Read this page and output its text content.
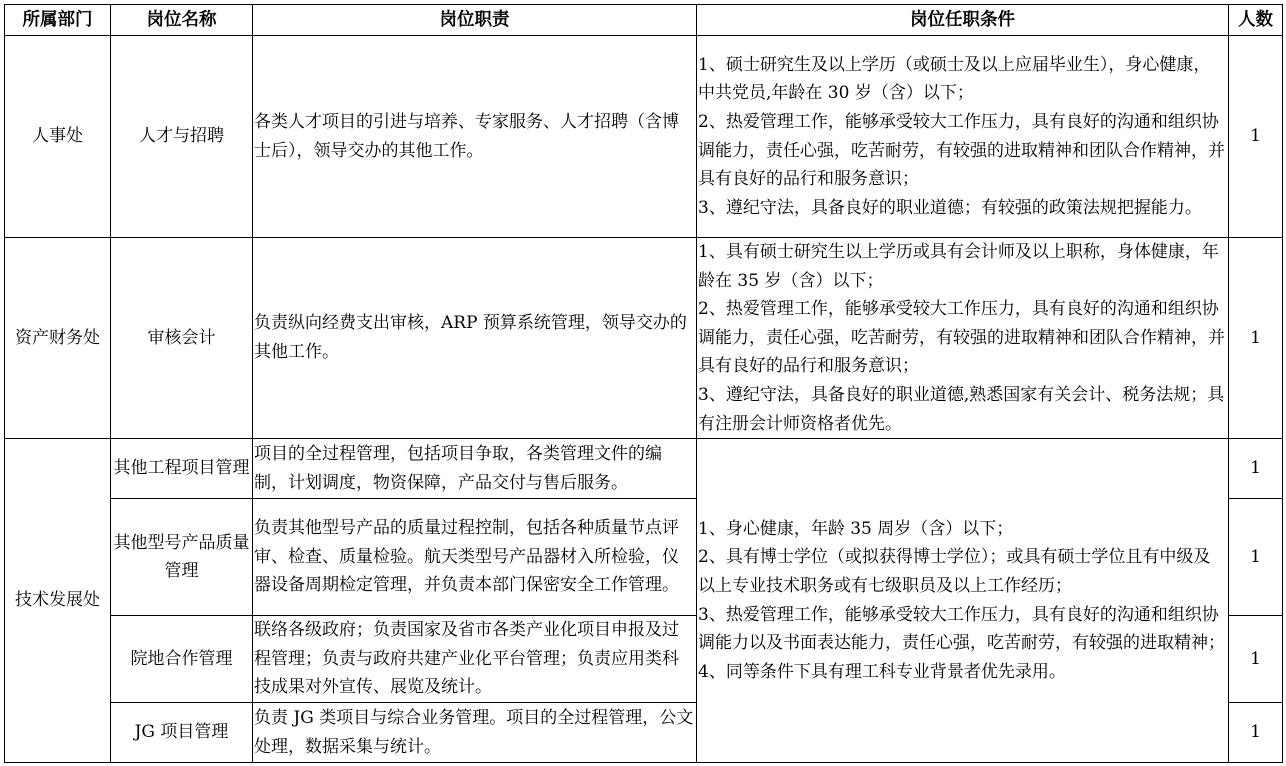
所属部门	岗位名称	岗位职责	岗位任职条件	人数
人事处	人才与招聘	各类人才项目的引进与培养、专家服务、人才招聘（含博士后），领导交办的其他工作。	1、硕士研究生及以上学历（或硕士及以上应届毕业生），身心健康，中共党员,年龄在 30 岁（含）以下；
2、热爱管理工作，能够承受较大工作压力，具有良好的沟通和组织协调能力，责任心强，吃苦耐劳，有较强的进取精神和团队合作精神，并具有良好的品行和服务意识；
3、遵纪守法，具备良好的职业道德；有较强的政策法规把握能力。	1
资产财务处	审核会计	负责纵向经费支出审核，ARP 预算系统管理，领导交办的其他工作。	1、具有硕士研究生以上学历或具有会计师及以上职称，身体健康，年龄在 35 岁（含）以下；
2、热爱管理工作，能够承受较大工作压力，具有良好的沟通和组织协调能力，责任心强，吃苦耐劳，有较强的进取精神和团队合作精神，并具有良好的品行和服务意识；
3、遵纪守法，具备良好的职业道德,熟悉国家有关会计、税务法规；具有注册会计师资格者优先。	1
技术发展处	其他工程项目管理	项目的全过程管理，包括项目争取，各类管理文件的编制，计划调度，物资保障，产品交付与售后服务。	1、身心健康，年龄 35 周岁（含）以下；
2、具有博士学位（或拟获得博士学位）；或具有硕士学位且有中级及以上专业技术职务或有七级职员及以上工作经历；
3、热爱管理工作，能够承受较大工作压力，具有良好的沟通和组织协调能力以及书面表达能力，责任心强，吃苦耐劳，有较强的进取精神；
4、同等条件下具有理工科专业背景者优先录用。	1
	其他型号产品质量管理	负责其他型号产品的质量过程控制，包括各种质量节点评审、检查、质量检验。航天类型号产品器材入所检验，仪器设备周期检定管理，并负责本部门保密安全工作管理。		1
	院地合作管理	联络各级政府；负责国家及省市各类产业化项目申报及过程管理；负责与政府共建产业化平台管理；负责应用类科技成果对外宣传、展览及统计。		1
	JG 项目管理	负责 JG 类项目与综合业务管理。项目的全过程管理，公文处理，数据采集与统计。		1
